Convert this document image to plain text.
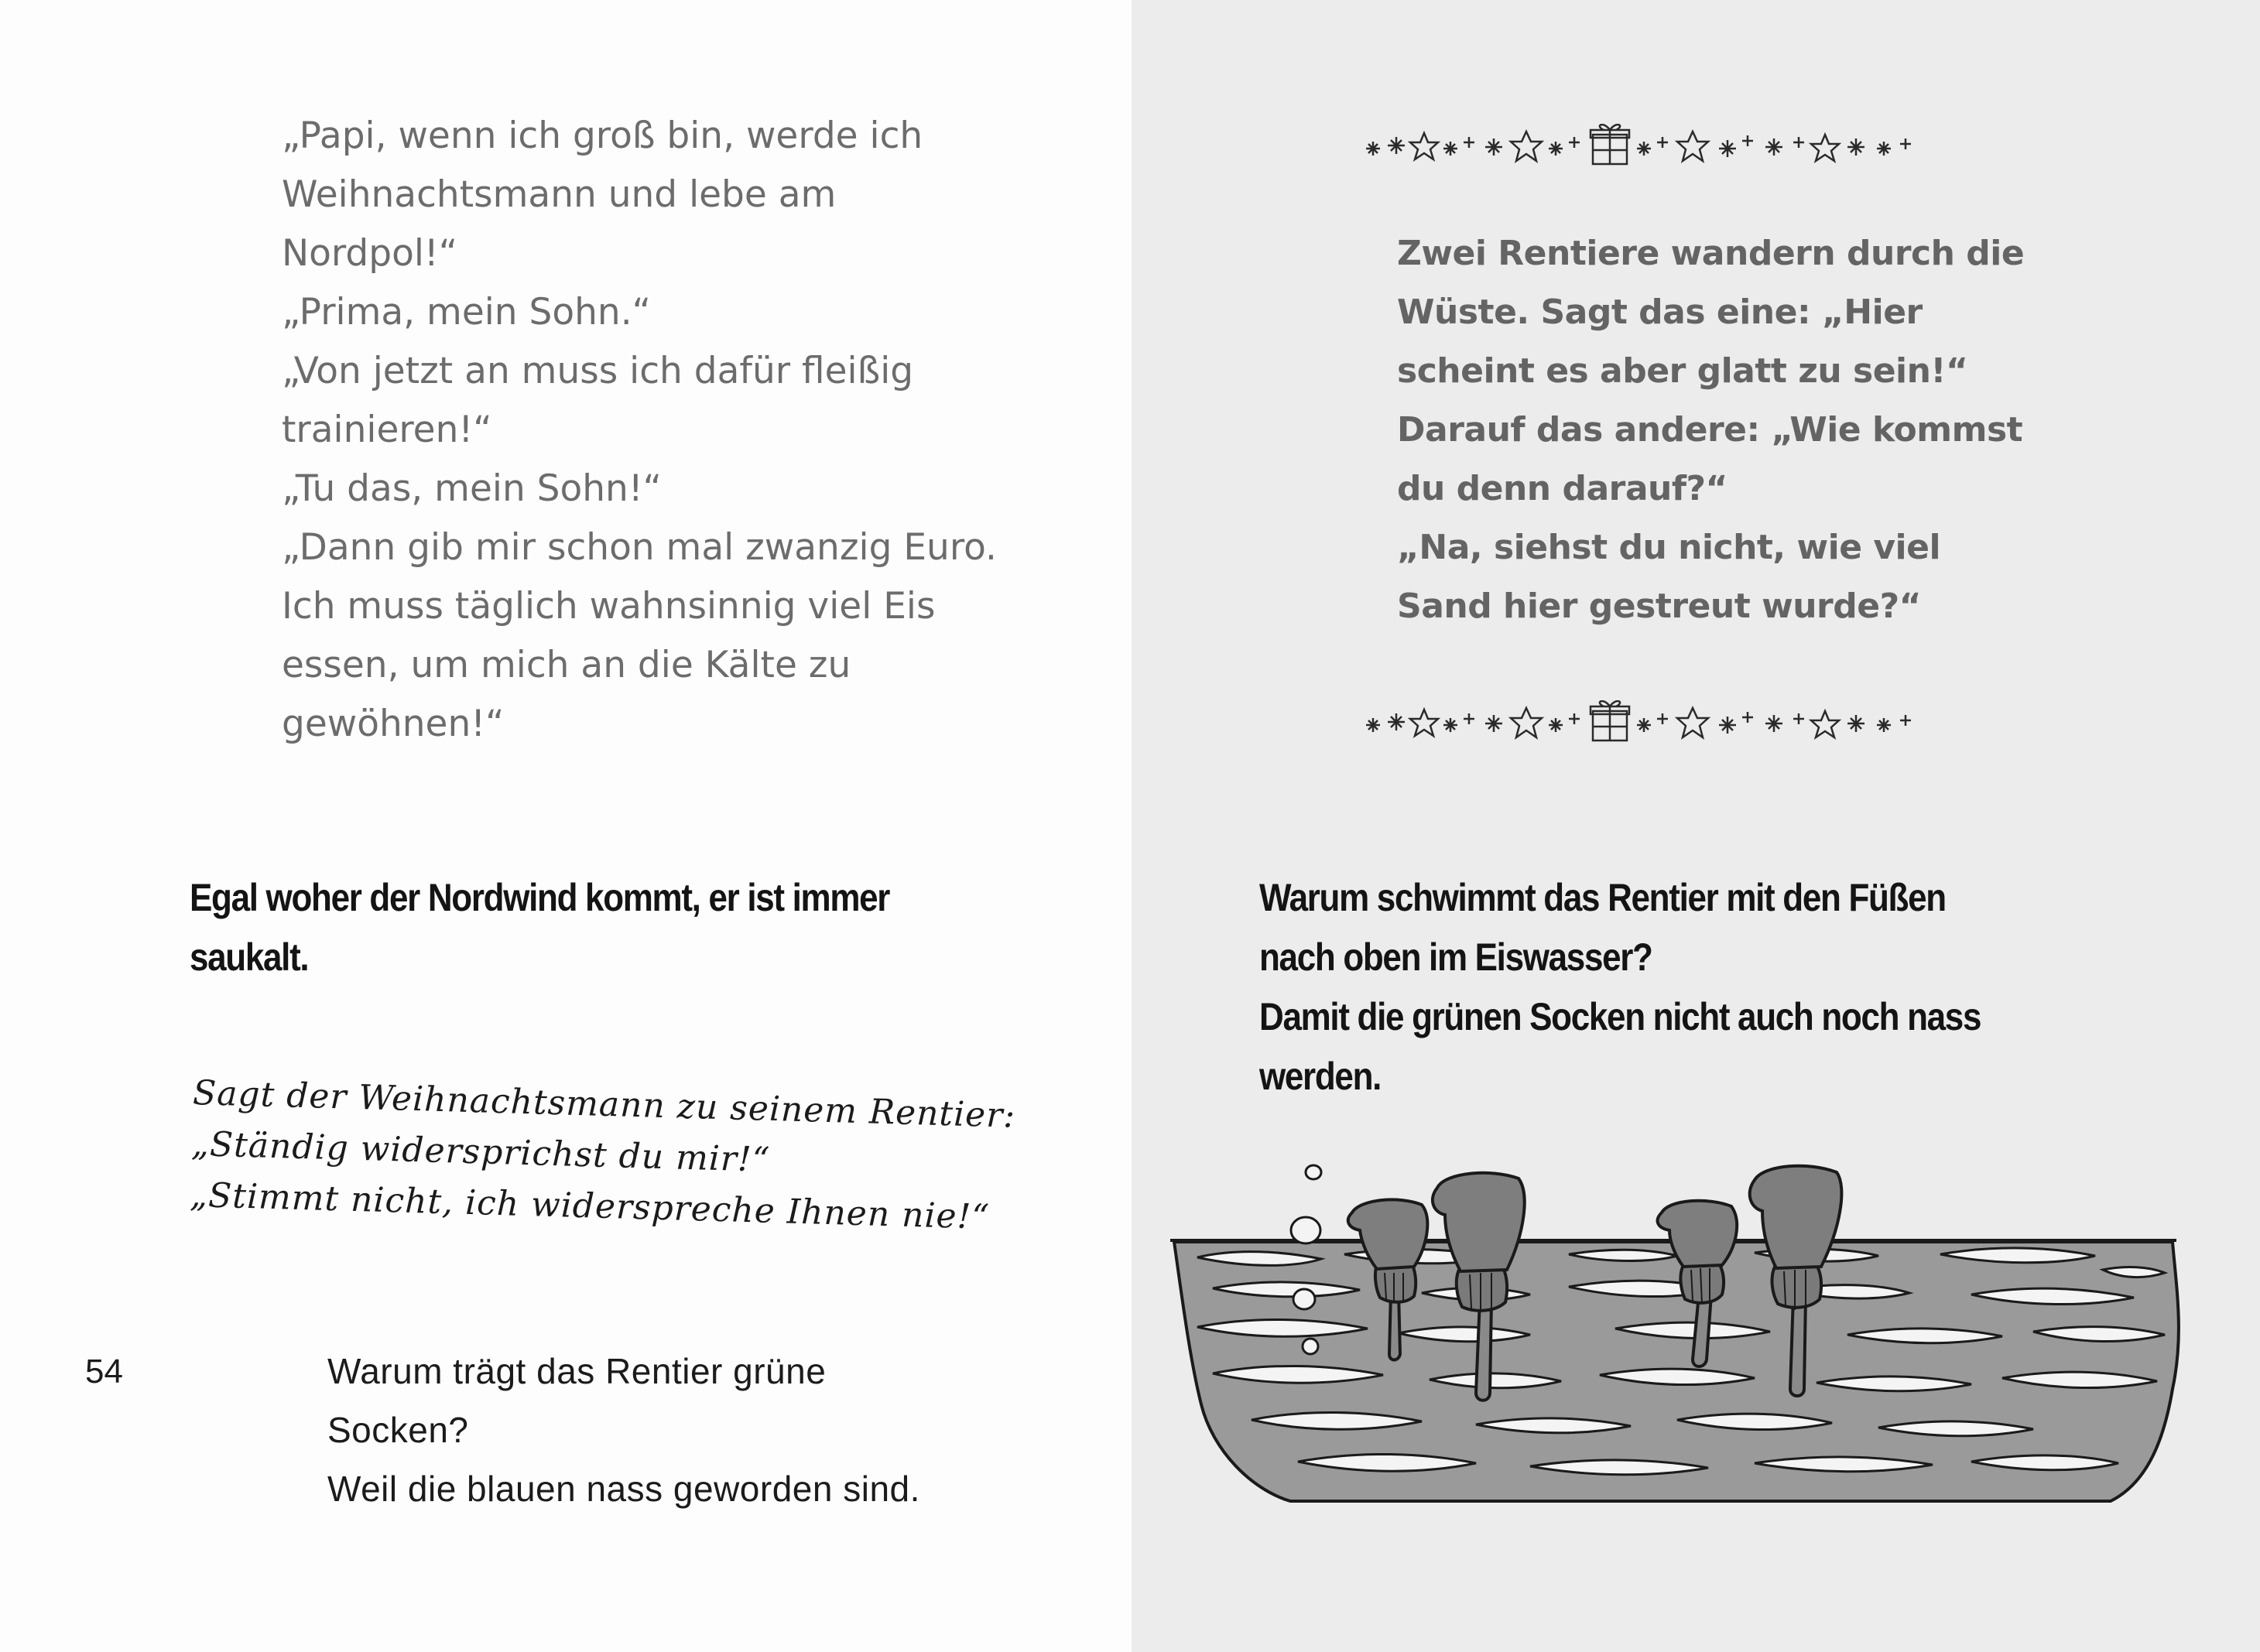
„Papi, wenn ich groß bin, werde ich
Weihnachtsmann und lebe am
Nordpol!“
„Prima, mein Sohn.“
„Von jetzt an muss ich dafür fleißig
trainieren!“
„Tu das, mein Sohn!“
„Dann gib mir schon mal zwanzig Euro.
Ich muss täglich wahnsinnig viel Eis
essen, um mich an die Kälte zu
gewöhnen!“
Egal woher der Nordwind kommt, er ist immer
saukalt.
Sagt der Weihnachtsmann zu seinem Rentier:
„Ständig widersprichst du mir!“
„Stimmt nicht, ich widerspreche Ihnen nie!“
54	Warum trägt das Rentier grüne
Socken?
Weil die blauen nass geworden sind.
Zwei Rentiere wandern durch die
Wüste. Sagt das eine: „Hier
scheint es aber glatt zu sein!“
Darauf das andere: „Wie kommst
du denn darauf?“
„Na, siehst du nicht, wie viel
Sand hier gestreut wurde?“
Warum schwimmt das Rentier mit den Füßen
nach oben im Eiswasser?
Damit die grünen Socken nicht auch noch nass
werden.
